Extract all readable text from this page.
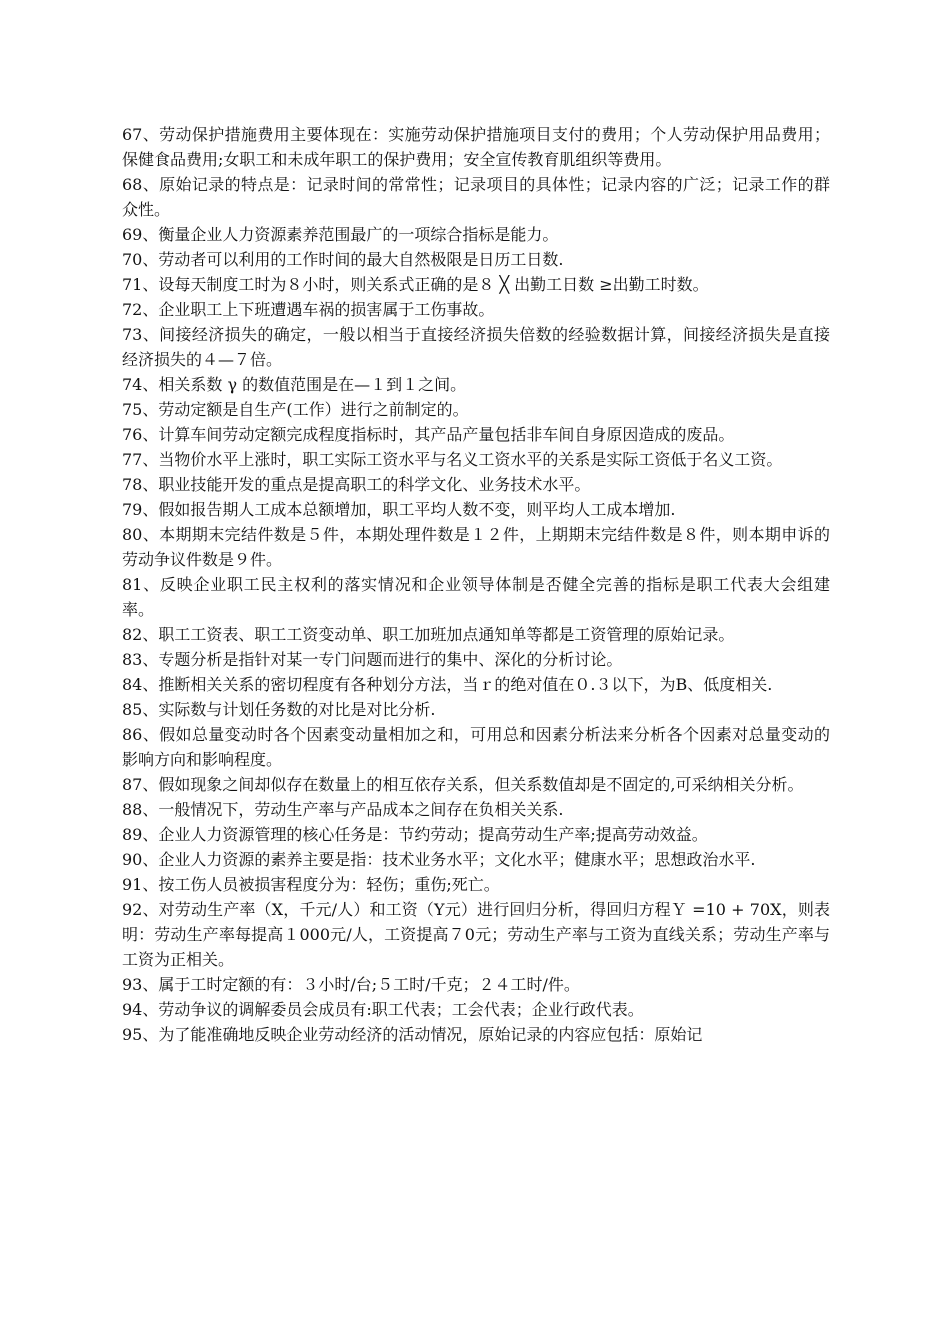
67、劳动保护措施费用主要体现在：实施劳动保护措施项目支付的费用；个人劳动保护用品费用；保健食品费用;女职工和未成年职工的保护费用；安全宣传教育肌组织等费用。

68、原始记录的特点是：记录时间的常常性；记录项目的具体性；记录内容的广泛；记录工作的群众性。

69、衡量企业人力资源素养范围最广的一项综合指标是能力。

70、劳动者可以利用的工作时间的最大自然极限是日历工日数.

71、设每天制度工时为８小时，则关系式正确的是８ ╳ 出勤工日数 ≥出勤工时数。

72、企业职工上下班遭遇车祸的损害属于工伤事故。

73、间接经济损失的确定，一般以相当于直接经济损失倍数的经验数据计算，间接经济损失是直接经济损失的４—７倍。

74、相关系数 γ 的数值范围是在—１到１之间。

75、劳动定额是自生产(工作）进行之前制定的。

76、计算车间劳动定额完成程度指标时，其产品产量包括非车间自身原因造成的废品。

77、当物价水平上涨时，职工实际工资水平与名义工资水平的关系是实际工资低于名义工资。

78、职业技能开发的重点是提高职工的科学文化、业务技术水平。

79、假如报告期人工成本总额增加，职工平均人数不变，则平均人工成本增加.

80、本期期末完结件数是５件，本期处理件数是１２件，上期期末完结件数是８件，则本期申诉的劳动争议件数是９件。

81、反映企业职工民主权利的落实情况和企业领导体制是否健全完善的指标是职工代表大会组建率。

82、职工工资表、职工工资变动单、职工加班加点通知单等都是工资管理的原始记录。

83、专题分析是指针对某一专门问题而进行的集中、深化的分析讨论。

84、推断相关关系的密切程度有各种划分方法，当ｒ的绝对值在０.３以下，为B、低度相关.

85、实际数与计划任务数的对比是对比分析.

86、假如总量变动时各个因素变动量相加之和，可用总和因素分析法来分析各个因素对总量变动的影响方向和影响程度。

87、假如现象之间却似存在数量上的相互依存关系，但关系数值却是不固定的,可采纳相关分析。

88、一般情况下，劳动生产率与产品成本之间存在负相关关系.

89、企业人力资源管理的核心任务是：节约劳动；提高劳动生产率;提高劳动效益。

90、企业人力资源的素养主要是指：技术业务水平；文化水平；健康水平；思想政治水平.

91、按工伤人员被损害程度分为：轻伤；重伤;死亡。

92、对劳动生产率（X，千元/人）和工资（Y元）进行回归分析，得回归方程Ｙ =10 + 70X，则表明：劳动生产率每提高１000元/人，工资提高７0元；劳动生产率与工资为直线关系；劳动生产率与工资为正相关。

93、属于工时定额的有：３小时/台;５工时/千克；２４工时/件。

94、劳动争议的调解委员会成员有:职工代表；工会代表；企业行政代表。

95、为了能准确地反映企业劳动经济的活动情况，原始记录的内容应包括：原始记
